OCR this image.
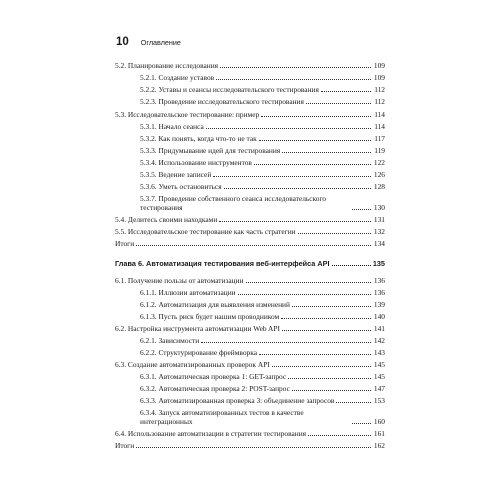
10 Оглавление
5.2. Планирование исследования	109
5.2.1. Создание уставов	109
5.2.2. Уставы и сеансы исследовательского тестирования	112
5.2.3. Проведение исследовательского тестирования	112
5.3. Исследовательское тестирование: пример	114
5.3.1. Начало сеанса	114
5.3.2. Как понять, когда что-то не так	117
5.3.3. Придумывание идей для тестирования	119
5.3.4. Использование инструментов	122
5.3.5. Ведение записей	126
5.3.6. Уметь остановиться	128
5.3.7. Проведение собственного сеанса исследовательского тестирования	130
5.4. Делитесь своими находками	131
5.5. Исследовательское тестирование как часть стратегии	132
Итоги	134
Глава 6. Автоматизация тестирования веб-интерфейса API	135
6.1. Получение пользы от автоматизации	136
6.1.1. Иллюзии автоматизации	136
6.1.2. Автоматизация для выявления изменений	139
6.1.3. Пусть риск будет нашим проводником	140
6.2. Настройка инструмента автоматизации Web API	141
6.2.1. Зависимости	142
6.2.2. Структурирование фреймворка	143
6.3. Создание автоматизированных проверок API	145
6.3.1. Автоматическая проверка 1: GET-запрос	145
6.3.2. Автоматическая проверка 2: POST-запрос	147
6.3.3. Автоматизированная проверка 3: объединение запросов	153
6.3.4. Запуск автоматизированных тестов в качестве интеграционных	160
6.4. Использование автоматизации в стратегии тестирования	161
Итоги	162
